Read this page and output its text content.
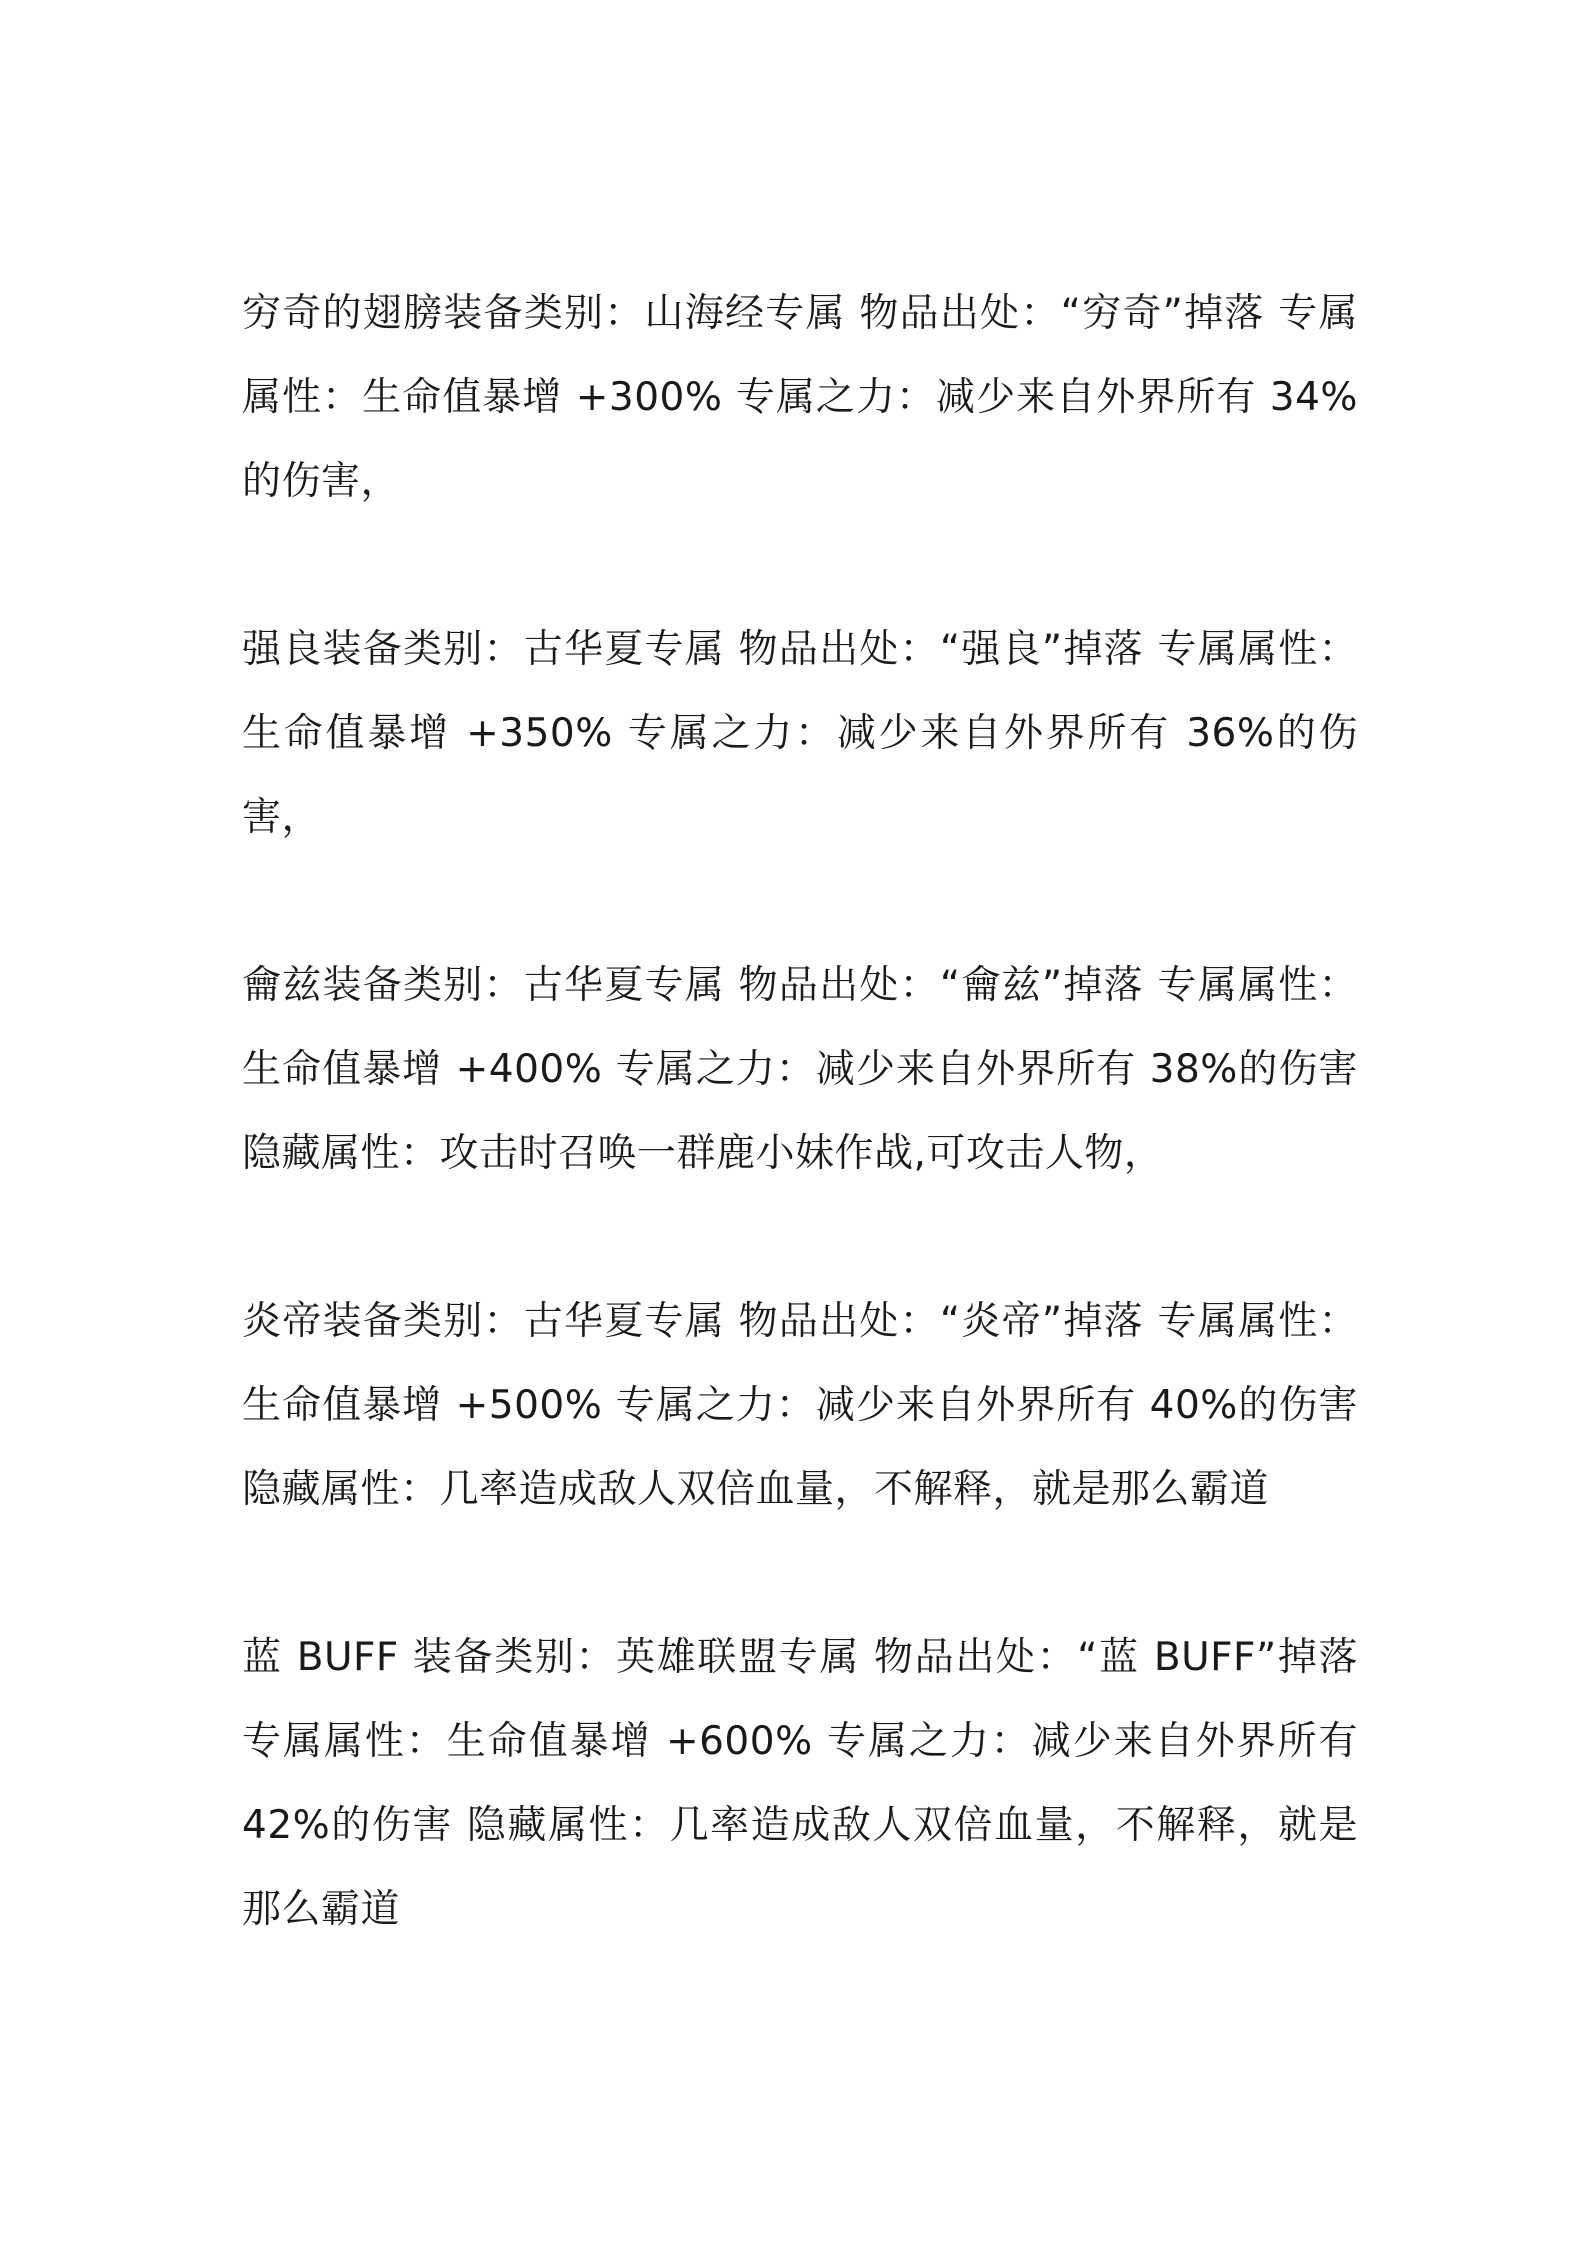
穷奇的翅膀装备类别：山海经专属 物品出处：“穷奇”掉落 专属属性：生命值暴增 +300% 专属之力：减少来自外界所有 34%的伤害，

强良装备类别：古华夏专属 物品出处：“强良”掉落 专属属性：生命值暴增 +350% 专属之力：减少来自外界所有 36%的伤害，

龠兹装备类别：古华夏专属 物品出处：“龠兹”掉落 专属属性：生命值暴增 +400% 专属之力：减少来自外界所有 38%的伤害 隐藏属性：攻击时召唤一群鹿小妹作战,可攻击人物，

炎帝装备类别：古华夏专属 物品出处：“炎帝”掉落 专属属性：生命值暴增 +500% 专属之力：减少来自外界所有 40%的伤害 隐藏属性：几率造成敌人双倍血量，不解释，就是那么霸道

蓝 BUFF 装备类别：英雄联盟专属 物品出处：“蓝 BUFF”掉落 专属属性：生命值暴增 +600% 专属之力：减少来自外界所有 42%的伤害 隐藏属性：几率造成敌人双倍血量，不解释，就是那么霸道
